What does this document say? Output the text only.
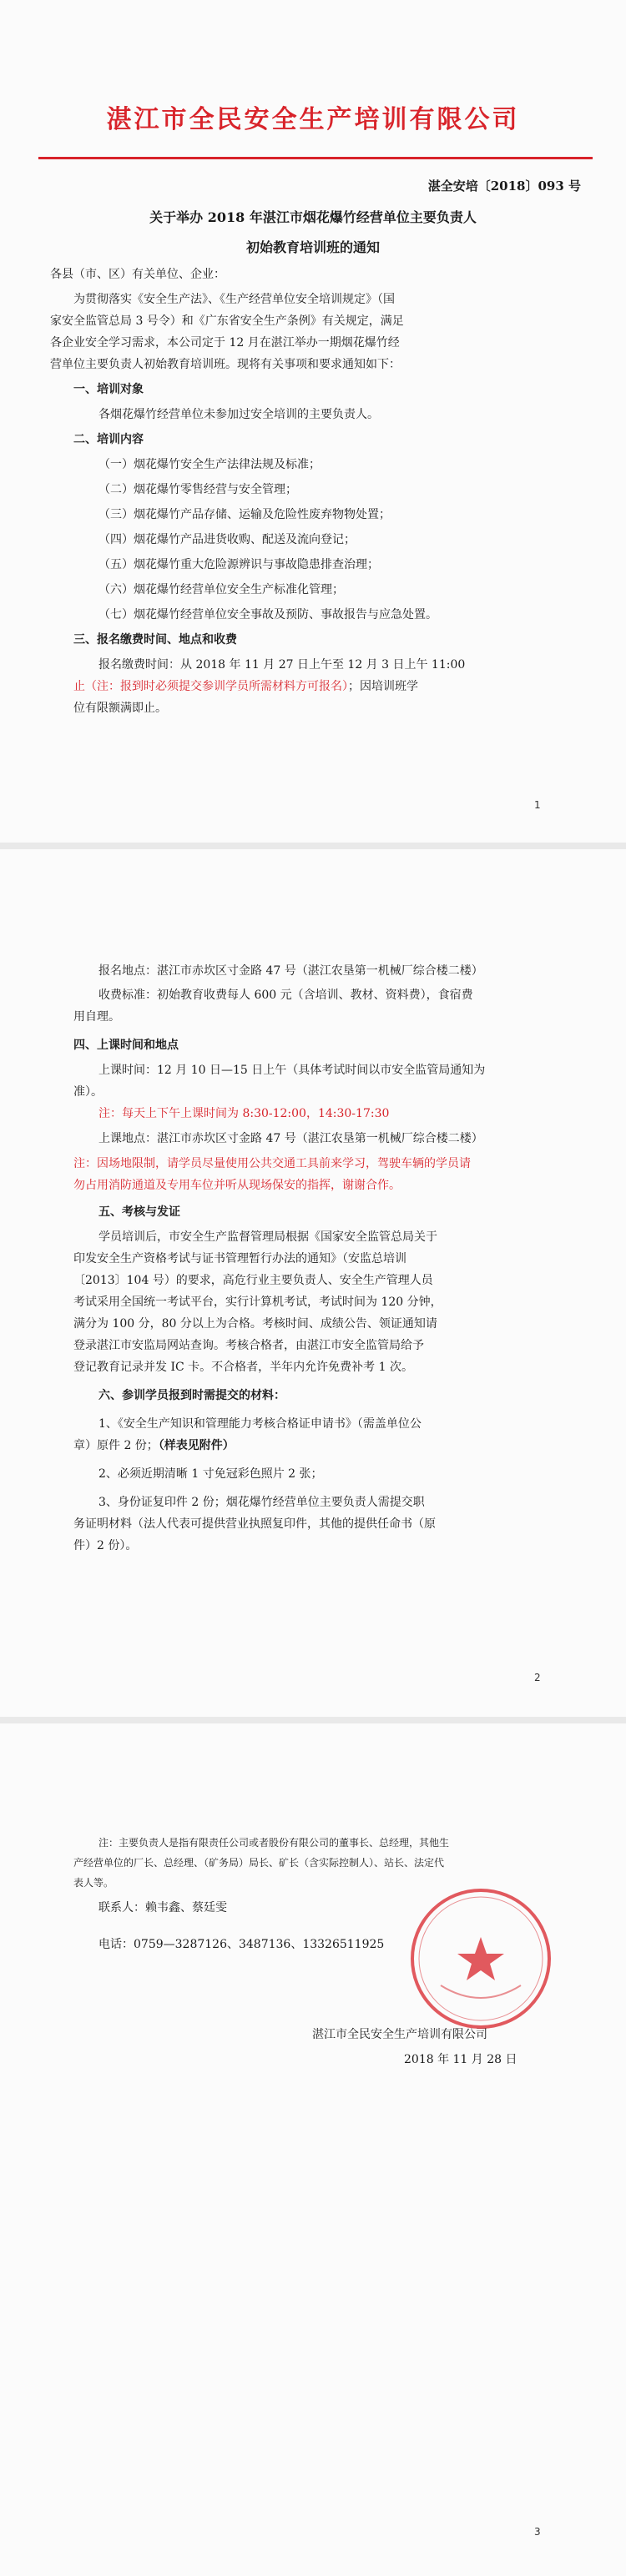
湛江市全民安全生产培训有限公司
湛全安培〔2018〕093 号
关于举办 2018 年湛江市烟花爆竹经营单位主要负责人
初始教育培训班的通知
各县（市、区）有关单位、企业：
为贯彻落实《安全生产法》、《生产经营单位安全培训规定》（国
家安全监管总局 3 号令）和《广东省安全生产条例》有关规定，满足
各企业安全学习需求，本公司定于 12 月在湛江举办一期烟花爆竹经
营单位主要负责人初始教育培训班。现将有关事项和要求通知如下：
一、培训对象
各烟花爆竹经营单位未参加过安全培训的主要负责人。
二、培训内容
（一）烟花爆竹安全生产法律法规及标准；
（二）烟花爆竹零售经营与安全管理；
（三）烟花爆竹产品存储、运输及危险性废弃物物处置；
（四）烟花爆竹产品进货收购、配送及流向登记；
（五）烟花爆竹重大危险源辨识与事故隐患排查治理；
（六）烟花爆竹经营单位安全生产标准化管理；
（七）烟花爆竹经营单位安全事故及预防、事故报告与应急处置。
三、报名缴费时间、地点和收费
报名缴费时间：从 2018 年 11 月 27 日上午至 12 月 3 日上午 11:00
止（注：报到时必须提交参训学员所需材料方可报名）；因培训班学
位有限额满即止。
1
报名地点：湛江市赤坎区寸金路 47 号（湛江农垦第一机械厂综合楼二楼）
收费标准：初始教育收费每人 600 元（含培训、教材、资料费），食宿费
用自理。
四、上课时间和地点
上课时间：12 月 10 日—15 日上午（具体考试时间以市安全监管局通知为
准）。
注：每天上下午上课时间为 8:30-12:00，14:30-17:30
上课地点：湛江市赤坎区寸金路 47 号（湛江农垦第一机械厂综合楼二楼）
注：因场地限制，请学员尽量使用公共交通工具前来学习，驾驶车辆的学员请
勿占用消防通道及专用车位并听从现场保安的指挥，谢谢合作。
五、考核与发证
学员培训后，市安全生产监督管理局根据《国家安全监管总局关于
印发安全生产资格考试与证书管理暂行办法的通知》（安监总培训
〔2013〕104 号）的要求，高危行业主要负责人、安全生产管理人员
考试采用全国统一考试平台，实行计算机考试，考试时间为 120 分钟，
满分为 100 分，80 分以上为合格。考核时间、成绩公告、领证通知请
登录湛江市安监局网站查询。考核合格者，由湛江市安全监管局给予
登记教育记录并发 IC 卡。不合格者，半年内允许免费补考 1 次。
六、参训学员报到时需提交的材料：
1、《安全生产知识和管理能力考核合格证申请书》（需盖单位公
章）原件 2 份；（样表见附件）
2、必须近期清晰 1 寸免冠彩色照片 2 张；
3、身份证复印件 2 份；烟花爆竹经营单位主要负责人需提交职
务证明材料（法人代表可提供营业执照复印件，其他的提供任命书（原
件）2 份）。
2
注：主要负责人是指有限责任公司或者股份有限公司的董事长、总经理，其他生
产经营单位的厂长、总经理、（矿务局）局长、矿长（含实际控制人）、站长、法定代
表人等。
联系人：赖韦鑫、蔡廷雯
电话：0759—3287126、3487136、13326511925
湛江市全民安全生产培训有限公司
2018 年 11 月 28 日
3
